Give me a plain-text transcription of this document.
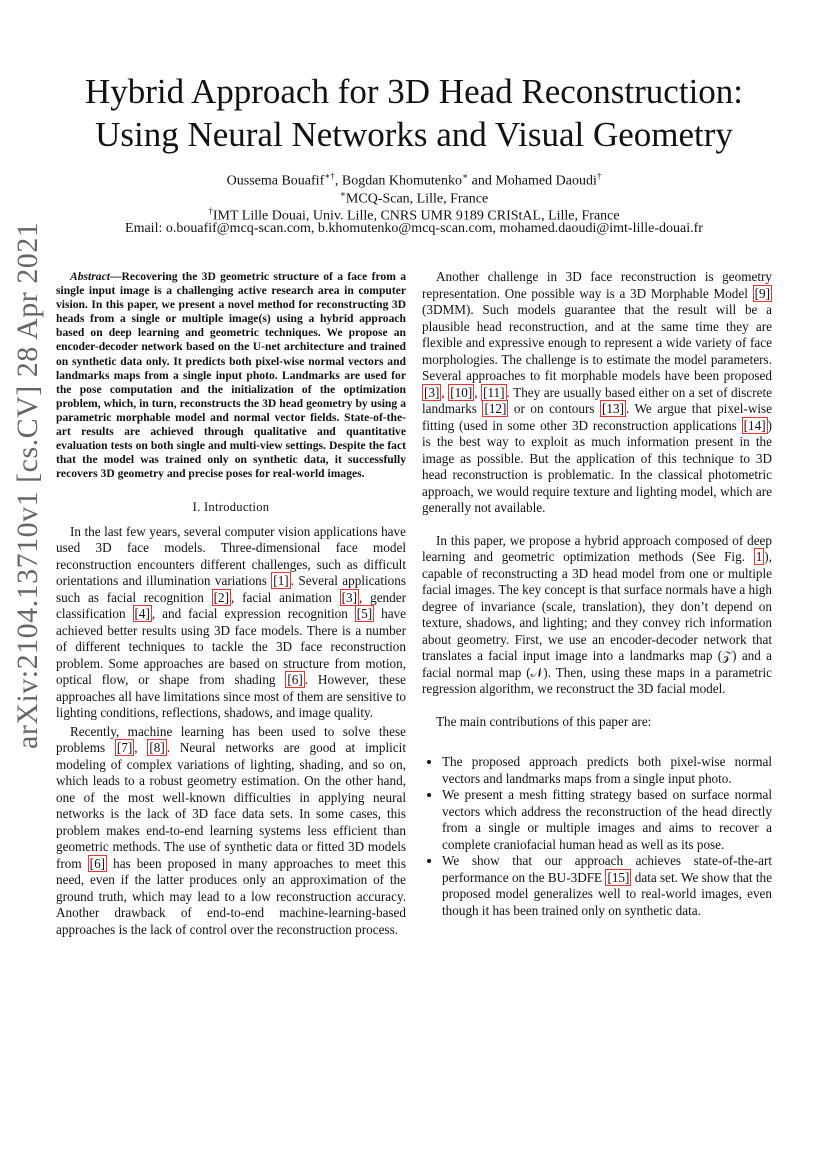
arXiv:2104.13710v1 [cs.CV] 28 Apr 2021
Hybrid Approach for 3D Head Reconstruction:
Using Neural Networks and Visual Geometry
Oussema Bouafif∗†, Bogdan Khomutenko∗ and Mohamed Daoudi†
∗MCQ-Scan, Lille, France
†IMT Lille Douai, Univ. Lille, CNRS UMR 9189 CRIStAL, Lille, France
Email: o.bouafif@mcq-scan.com, b.khomutenko@mcq-scan.com, mohamed.daoudi@imt-lille-douai.fr

Abstract—Recovering the 3D geometric structure of a face from a single input image is a challenging active research area in computer vision. In this paper, we present a novel method for reconstructing 3D heads from a single or multiple image(s) using a hybrid approach based on deep learning and geometric techniques. We propose an encoder-decoder network based on the U-net architecture and trained on synthetic data only. It predicts both pixel-wise normal vectors and landmarks maps from a single input photo. Landmarks are used for the pose computation and the initialization of the optimization problem, which, in turn, reconstructs the 3D head geometry by using a parametric morphable model and normal vector fields. State-of-the-art results are achieved through qualitative and quantitative evaluation tests on both single and multi-view settings. Despite the fact that the model was trained only on synthetic data, it successfully recovers 3D geometry and precise poses for real-world images.

I. Introduction

In the last few years, several computer vision applications have used 3D face models. Three-dimensional face model reconstruction encounters different challenges, such as difficult orientations and illumination variations [1] . Several applications such as facial recognition [2] , facial animation [3] , gender classification [4] , and facial expression recognition [5] have achieved better results using 3D face models. There is a number of different techniques to tackle the 3D face reconstruction problem. Some approaches are based on structure from motion, optical flow, or shape from shading [6] . However, these approaches all have limitations since most of them are sensitive to lighting conditions, reflections, shadows, and image quality.

Recently, machine learning has been used to solve these problems [7] , [8] . Neural networks are good at implicit modeling of complex variations of lighting, shading, and so on, which leads to a robust geometry estimation. On the other hand, one of the most well-known difficulties in applying neural networks is the lack of 3D face data sets. In some cases, this problem makes end-to-end learning systems less efficient than geometric methods. The use of synthetic data or fitted 3D models from [6] has been proposed in many approaches to meet this need, even if the latter produces only an approximation of the ground truth, which may lead to a low reconstruction accuracy. Another drawback of end-to-end machine-learning-based approaches is the lack of control over the reconstruction process.

Another challenge in 3D face reconstruction is geometry representation. One possible way is a 3D Morphable Model [9] (3DMM). Such models guarantee that the result will be a plausible head reconstruction, and at the same time they are flexible and expressive enough to represent a wide variety of face morphologies. The challenge is to estimate the model parameters. Several approaches to fit morphable models have been proposed [3] , [10] , [11] . They are usually based either on a set of discrete landmarks [12] or on contours [13] . We argue that pixel-wise fitting (used in some other 3D reconstruction applications [14] ) is the best way to exploit as much information present in the image as possible. But the application of this technique to 3D head reconstruction is problematic. In the classical photometric approach, we would require texture and lighting model, which are generally not available.

In this paper, we propose a hybrid approach composed of deep learning and geometric optimization methods (See Fig. 1 ), capable of reconstructing a 3D head model from one or multiple facial images. The key concept is that surface normals have a high degree of invariance (scale, translation), they don’t depend on texture, shadows, and lighting; and they convey rich information about geometry. First, we use an encoder-decoder network that translates a facial input image into a landmarks map (𝒵) and a facial normal map (𝒩). Then, using these maps in a parametric regression algorithm, we reconstruct the 3D facial model.

The main contributions of this paper are:

• The proposed approach predicts both pixel-wise normal vectors and landmarks maps from a single input photo.
• We present a mesh fitting strategy based on surface normal vectors which address the reconstruction of the head directly from a single or multiple images and aims to recover a complete craniofacial human head as well as its pose.
• We show that our approach achieves state-of-the-art performance on the BU-3DFE [15] data set. We show that the proposed model generalizes well to real-world images, even though it has been trained only on synthetic data.
